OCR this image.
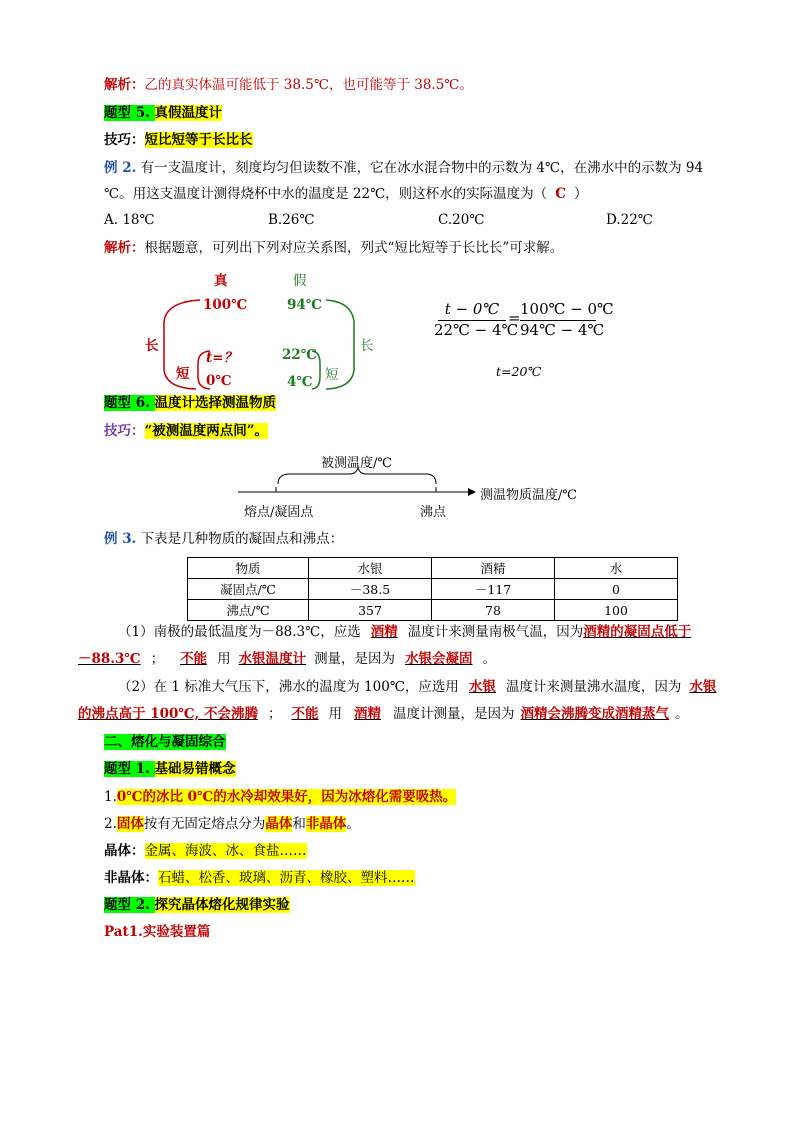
解析：乙的真实体温可能低于 38.5℃，也可能等于 38.5℃。
题型 5. 真假温度计
技巧：短比短等于长比长
例 2. 有一支温度计，刻度均匀但读数不准，它在冰水混合物中的示数为 4℃，在沸水中的示数为 94
℃。用这支温度计测得烧杯中水的温度是 22℃，则这杯水的实际温度为（ C ）
A. 18℃	B.26℃	C.20℃	D.22℃
解析：根据题意，可列出下列对应关系图，列式“短比短等于长比长”可求解。
真	假
100℃	94℃
长	长
短	短
t=？	22℃
0℃	4℃
t − 0℃
22℃ − 4℃
= 100℃ − 0℃
94℃ − 4℃
t=20℃
题型 6. 温度计选择测温物质
技巧：“被测温度两点间”。
被测温度/℃
测温物质温度/℃
熔点/凝固点	沸点
例 3. 下表是几种物质的凝固点和沸点：
物质	水银	酒精	水
凝固点/℃	－38.5	－117	0
沸点/℃	357	78	100
（1）南极的最低温度为－88.3℃，应选 酒精 温度计来测量南极气温，因为酒精的凝固点低于
－88.3℃ ； 不能 用 水银温度计 测量，是因为 水银会凝固 。
（2）在 1 标准大气压下，沸水的温度为 100℃，应选用 水银 温度计来测量沸水温度，因为 水银
的沸点高于 100℃, 不会沸腾 ； 不能 用 酒精 温度计测量，是因为 酒精会沸腾变成酒精蒸气 。
二、熔化与凝固综合
题型 1. 基础易错概念
1.0℃的冰比 0℃的水冷却效果好，因为冰熔化需要吸热。
2.固体按有无固定熔点分为晶体和非晶体。
晶体：金属、海波、冰、食盐……
非晶体：石蜡、松香、玻璃、沥青、橡胶、塑料……
题型 2. 探究晶体熔化规律实验
Pat1.实验装置篇
